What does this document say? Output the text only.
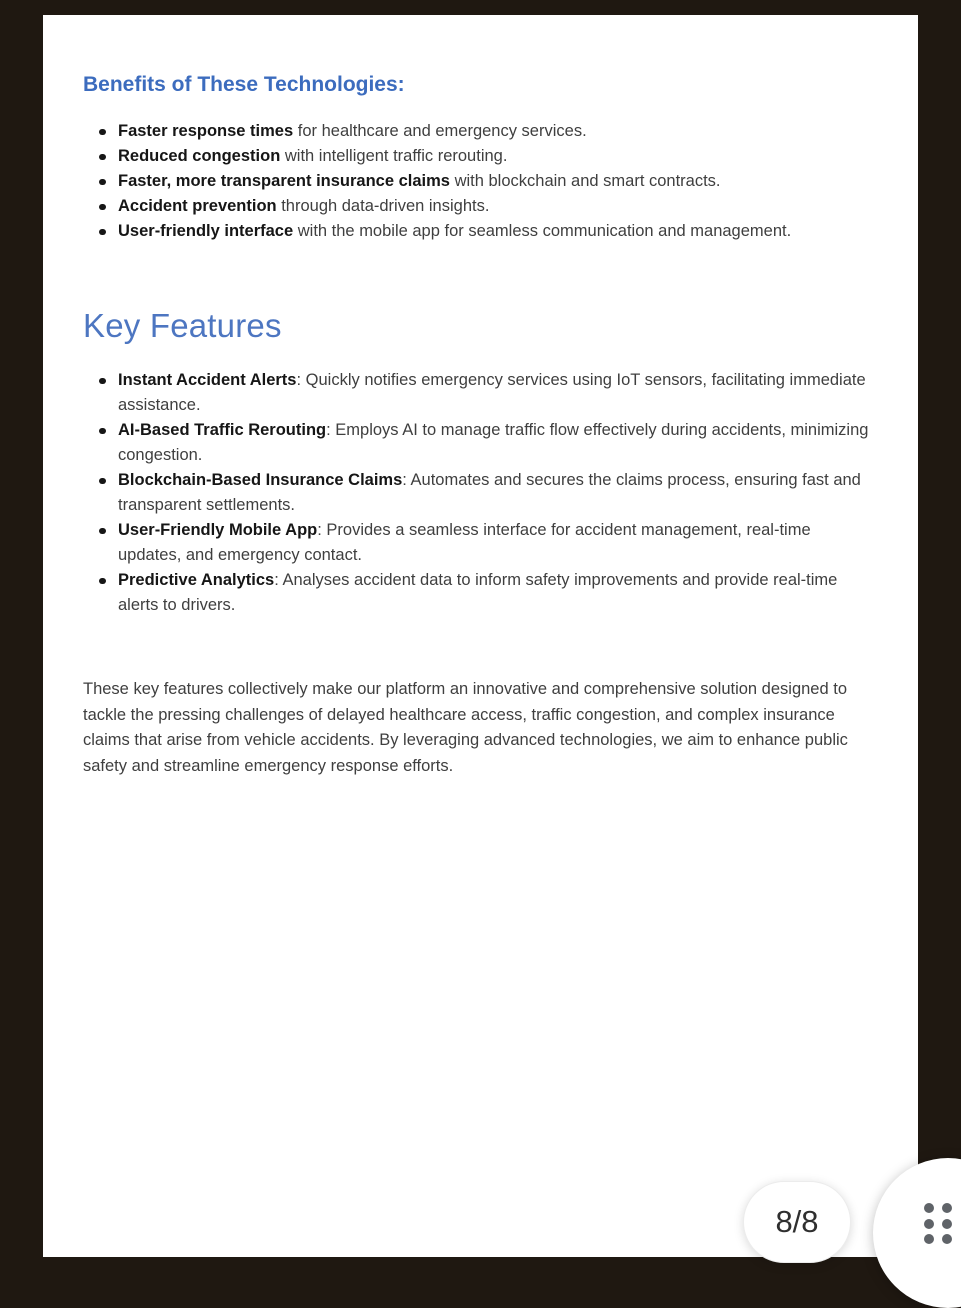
Benefits of These Technologies:
Faster response times for healthcare and emergency services.
Reduced congestion with intelligent traffic rerouting.
Faster, more transparent insurance claims with blockchain and smart contracts.
Accident prevention through data-driven insights.
User-friendly interface with the mobile app for seamless communication and management.
Key Features
Instant Accident Alerts: Quickly notifies emergency services using IoT sensors, facilitating immediate assistance.
AI-Based Traffic Rerouting: Employs AI to manage traffic flow effectively during accidents, minimizing congestion.
Blockchain-Based Insurance Claims: Automates and secures the claims process, ensuring fast and transparent settlements.
User-Friendly Mobile App: Provides a seamless interface for accident management, real-time updates, and emergency contact.
Predictive Analytics: Analyses accident data to inform safety improvements and provide real-time alerts to drivers.

These key features collectively make our platform an innovative and comprehensive solution designed to tackle the pressing challenges of delayed healthcare access, traffic congestion, and complex insurance claims that arise from vehicle accidents. By leveraging advanced technologies, we aim to enhance public safety and streamline emergency response efforts.

8/8
